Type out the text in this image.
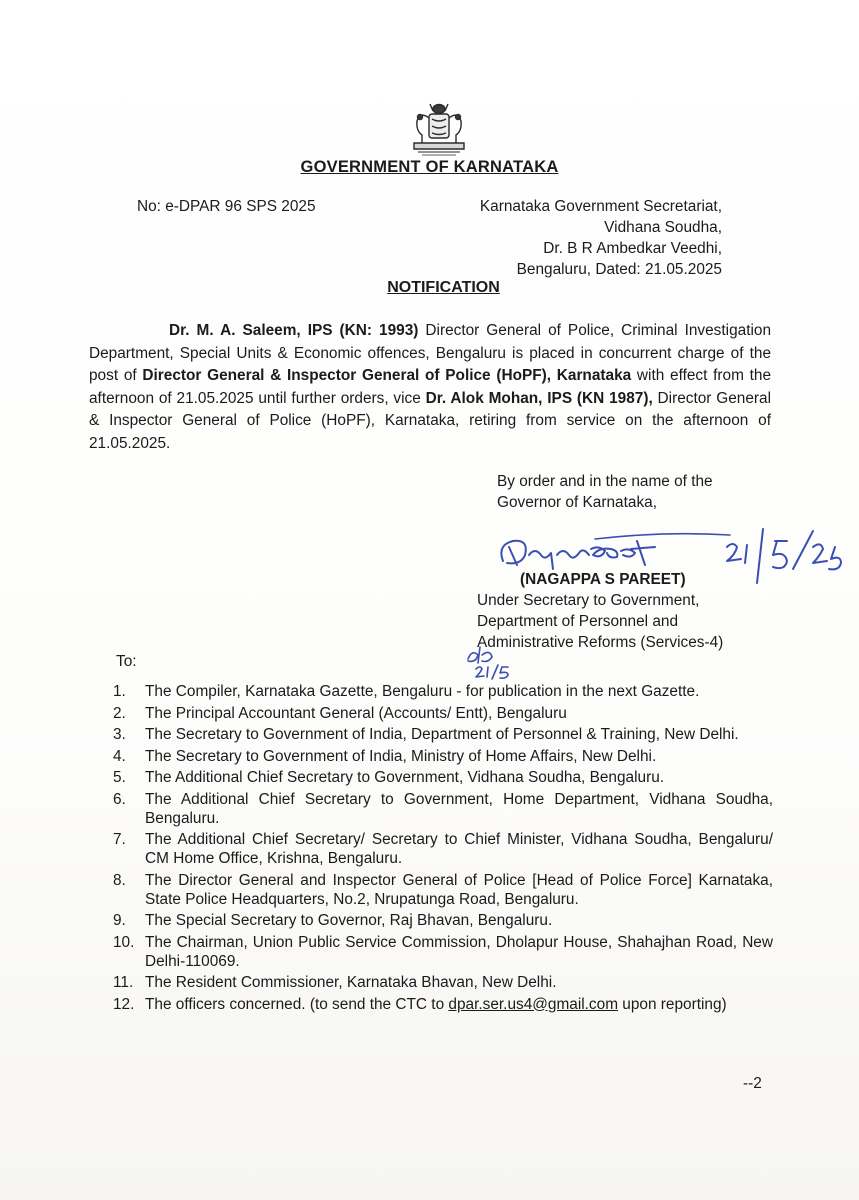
GOVERNMENT OF KARNATAKA
No: e-DPAR 96 SPS 2025	Karnataka Government Secretariat,
Vidhana Soudha,
Dr. B R Ambedkar Veedhi,
Bengaluru, Dated: 21.05.2025
NOTIFICATION

Dr. M. A. Saleem, IPS (KN: 1993) Director General of Police, Criminal Investigation Department, Special Units & Economic offences, Bengaluru is placed in concurrent charge of the post of Director General & Inspector General of Police (HoPF), Karnataka with effect from the afternoon of 21.05.2025 until further orders, vice Dr. Alok Mohan, IPS (KN 1987), Director General & Inspector General of Police (HoPF), Karnataka, retiring from service on the afternoon of 21.05.2025.

By order and in the name of the
Governor of Karnataka,
(NAGAPPA S PAREET)
Under Secretary to Government,
Department of Personnel and
Administrative Reforms (Services-4)
To:
1.	The Compiler, Karnataka Gazette, Bengaluru - for publication in the next Gazette.
2.	The Principal Accountant General (Accounts/ Entt), Bengaluru
3.	The Secretary to Government of India, Department of Personnel & Training, New Delhi.
4.	The Secretary to Government of India, Ministry of Home Affairs, New Delhi.
5.	The Additional Chief Secretary to Government, Vidhana Soudha, Bengaluru.
6.	The Additional Chief Secretary to Government, Home Department, Vidhana Soudha, Bengaluru.
7.	The Additional Chief Secretary/ Secretary to Chief Minister, Vidhana Soudha, Bengaluru/ CM Home Office, Krishna, Bengaluru.
8.	The Director General and Inspector General of Police [Head of Police Force] Karnataka, State Police Headquarters, No.2, Nrupatunga Road, Bengaluru.
9.	The Special Secretary to Governor, Raj Bhavan, Bengaluru.
10. The Chairman, Union Public Service Commission, Dholapur House, Shahajhan Road, New Delhi-110069.
11. The Resident Commissioner, Karnataka Bhavan, New Delhi.
12. The officers concerned. (to send the CTC to dpar.ser.us4@gmail.com upon reporting)
--2
